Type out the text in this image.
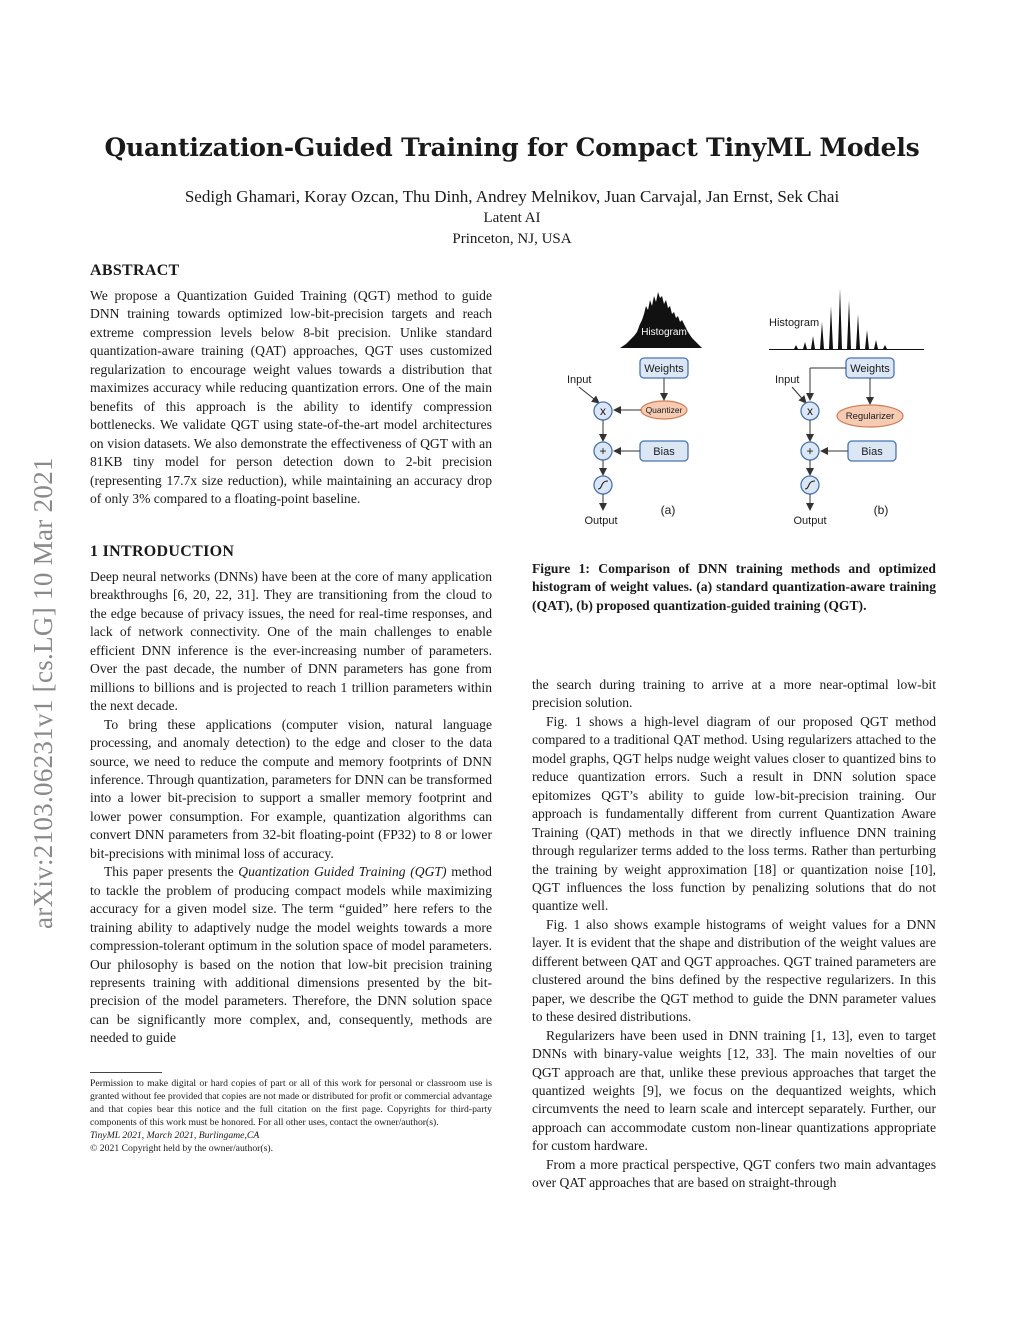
arXiv:2103.06231v1 [cs.LG] 10 Mar 2021
Quantization-Guided Training for Compact TinyML Models
Sedigh Ghamari, Koray Ozcan, Thu Dinh, Andrey Melnikov, Juan Carvajal, Jan Ernst, Sek Chai
Latent AI
Princeton, NJ, USA
ABSTRACT

We propose a Quantization Guided Training (QGT) method to guide DNN training towards optimized low-bit-precision targets and reach extreme compression levels below 8-bit precision. Unlike standard quantization-aware training (QAT) approaches, QGT uses customized regularization to encourage weight values towards a distribution that maximizes accuracy while reducing quantization errors. One of the main benefits of this approach is the ability to identify compression bottlenecks. We validate QGT using state-of-the-art model architectures on vision datasets. We also demonstrate the effectiveness of QGT with an 81KB tiny model for person detection down to 2-bit precision (representing 17.7x size reduction), while maintaining an accuracy drop of only 3% compared to a floating-point baseline.

1 INTRODUCTION

Deep neural networks (DNNs) have been at the core of many application breakthroughs [6, 20, 22, 31]. They are transitioning from the cloud to the edge because of privacy issues, the need for real-time responses, and lack of network connectivity. One of the main challenges to enable efficient DNN inference is the ever-increasing number of parameters. Over the past decade, the number of DNN parameters has gone from millions to billions and is projected to reach 1 trillion parameters within the next decade.

To bring these applications (computer vision, natural language processing, and anomaly detection) to the edge and closer to the data source, we need to reduce the compute and memory footprints of DNN inference. Through quantization, parameters for DNN can be transformed into a lower bit-precision to support a smaller memory footprint and lower power consumption. For example, quantization algorithms can convert DNN parameters from 32-bit floating-point (FP32) to 8 or lower bit-precisions with minimal loss of accuracy.

This paper presents the Quantization Guided Training (QGT) method to tackle the problem of producing compact models while maximizing accuracy for a given model size. The term “guided” here refers to the training ability to adaptively nudge the model weights towards a more compression-tolerant optimum in the solution space of model parameters. Our philosophy is based on the notion that low-bit precision training represents training with additional dimensions presented by the bit-precision of the model parameters. Therefore, the DNN solution space can be significantly more complex, and, consequently, methods are needed to guide

Permission to make digital or hard copies of part or all of this work for personal or classroom use is granted without fee provided that copies are not made or distributed for profit or commercial advantage and that copies bear this notice and the full citation on the first page. Copyrights for third-party components of this work must be honored. For all other uses, contact the owner/author(s).
TinyML 2021, March 2021, Burlingame,CA
© 2021 Copyright held by the owner/author(s).
Histogram
Weights
Input
x	Quantizer
+	Bias
Output
(a)
Histogram
Weights
Input
x	Regularizer
+	Bias
Output
(b)
Figure 1: Comparison of DNN training methods and optimized histogram of weight values. (a) standard quantization-aware training (QAT), (b) proposed quantization-guided training (QGT).

the search during training to arrive at a more near-optimal low-bit precision solution.

Fig. 1 shows a high-level diagram of our proposed QGT method compared to a traditional QAT method. Using regularizers attached to the model graphs, QGT helps nudge weight values closer to quantized bins to reduce quantization errors. Such a result in DNN solution space epitomizes QGT’s ability to guide low-bit-precision training. Our approach is fundamentally different from current Quantization Aware Training (QAT) methods in that we directly influence DNN training through regularizer terms added to the loss terms. Rather than perturbing the training by weight approximation [18] or quantization noise [10], QGT influences the loss function by penalizing solutions that do not quantize well.

Fig. 1 also shows example histograms of weight values for a DNN layer. It is evident that the shape and distribution of the weight values are different between QAT and QGT approaches. QGT trained parameters are clustered around the bins defined by the respective regularizers. In this paper, we describe the QGT method to guide the DNN parameter values to these desired distributions.

Regularizers have been used in DNN training [1, 13], even to target DNNs with binary-value weights [12, 33]. The main novelties of our QGT approach are that, unlike these previous approaches that target the quantized weights [9], we focus on the dequantized weights, which circumvents the need to learn scale and intercept separately. Further, our approach can accommodate custom non-linear quantizations appropriate for custom hardware.

From a more practical perspective, QGT confers two main advantages over QAT approaches that are based on straight-through
